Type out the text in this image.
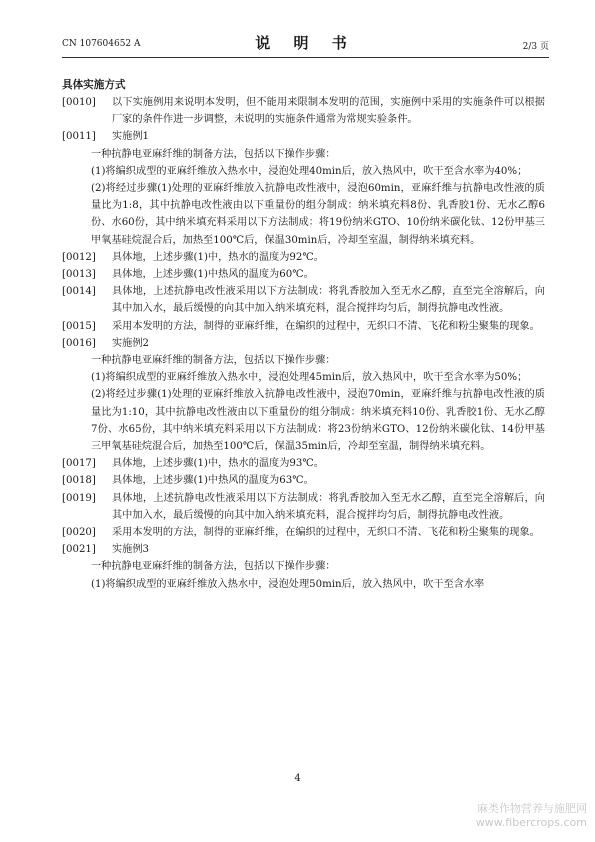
CN 107604652 A	说 明 书	2/3 页
具体实施方式
[0010] 以下实施例用来说明本发明，但不能用来限制本发明的范围，实施例中采用的实施条件可以根据厂家的条件作进一步调整，未说明的实施条件通常为常规实验条件。
[0011] 实施例1
一种抗静电亚麻纤维的制备方法，包括以下操作步骤：
(1)将编织成型的亚麻纤维放入热水中，浸泡处理40min后，放入热风中，吹干至含水率为40%；
(2)将经过步骤(1)处理的亚麻纤维放入抗静电改性液中，浸泡60min，亚麻纤维与抗静电改性液的质量比为1:8，其中抗静电改性液由以下重量份的组分制成：纳米填充料8份、乳香胶1份、无水乙醇6份、水60份，其中纳米填充料采用以下方法制成：将19份纳米GTO、10份纳米碳化钛、12份甲基三甲氧基硅烷混合后，加热至100℃后，保温30min后，冷却至室温，制得纳米填充料。
[0012] 具体地，上述步骤(1)中，热水的温度为92℃。
[0013] 具体地，上述步骤(1)中热风的温度为60℃。
[0014] 具体地，上述抗静电改性液采用以下方法制成：将乳香胶加入至无水乙醇，直至完全溶解后，向其中加入水，最后缓慢的向其中加入纳米填充料，混合搅拌均匀后，制得抗静电改性液。
[0015] 采用本发明的方法，制得的亚麻纤维，在编织的过程中，无织口不清、飞花和粉尘聚集的现象。
[0016] 实施例2
一种抗静电亚麻纤维的制备方法，包括以下操作步骤：
(1)将编织成型的亚麻纤维放入热水中，浸泡处理45min后，放入热风中，吹干至含水率为50%；
(2)将经过步骤(1)处理的亚麻纤维放入抗静电改性液中，浸泡70min，亚麻纤维与抗静电改性液的质量比为1:10，其中抗静电改性液由以下重量份的组分制成：纳米填充料10份、乳香胶1份、无水乙醇7份、水65份，其中纳米填充料采用以下方法制成：将23份纳米GTO、12份纳米碳化钛、14份甲基三甲氧基硅烷混合后，加热至100℃后，保温35min后，冷却至室温，制得纳米填充料。
[0017] 具体地，上述步骤(1)中，热水的温度为93℃。
[0018] 具体地，上述步骤(1)中热风的温度为63℃。
[0019] 具体地，上述抗静电改性液采用以下方法制成：将乳香胶加入至无水乙醇，直至完全溶解后，向其中加入水，最后缓慢的向其中加入纳米填充料，混合搅拌均匀后，制得抗静电改性液。
[0020] 采用本发明的方法，制得的亚麻纤维，在编织的过程中，无织口不清、飞花和粉尘聚集的现象。
[0021] 实施例3
一种抗静电亚麻纤维的制备方法，包括以下操作步骤：
(1)将编织成型的亚麻纤维放入热水中，浸泡处理50min后，放入热风中，吹干至含水率
4
麻类作物营养与施肥网
www.fibercrops.com
